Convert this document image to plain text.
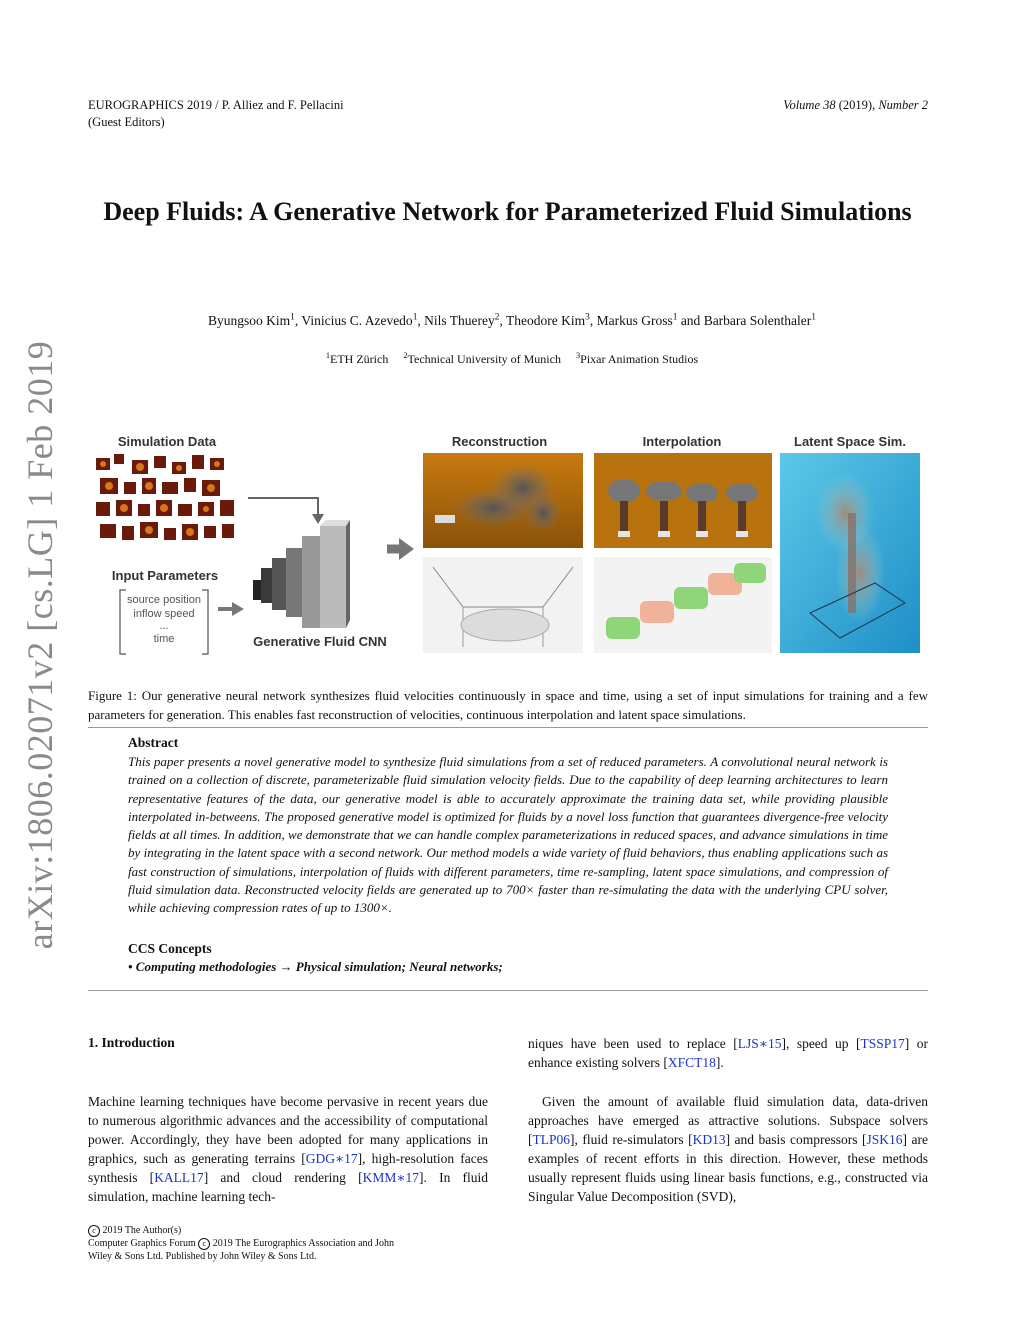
EUROGRAPHICS 2019 / P. Alliez and F. Pellacini
(Guest Editors)
Volume 38 (2019), Number 2
arXiv:1806.02071v2 [cs.LG] 1 Feb 2019
Deep Fluids: A Generative Network for Parameterized Fluid Simulations
Byungsoo Kim$^1$, Vinicius C. Azevedo$^1$, Nils Thuerey$^2$, Theodore Kim$^3$, Markus Gross$^1$ and Barbara Solenthaler$^1$
$^1$ETH Zürich $^2$Technical University of Munich $^3$Pixar Animation Studios
Simulation Data	Reconstruction	Interpolation	Latent Space Sim.
Input Parameters
source position
inflow speed
...
time	Generative Fluid CNN
Figure 1: Our generative neural network synthesizes fluid velocities continuously in space and time, using a set of input simulations for training and a few parameters for generation. This enables fast reconstruction of velocities, continuous interpolation and latent space simulations.
Abstract
This paper presents a novel generative model to synthesize fluid simulations from a set of reduced parameters. A convolutional neural network is trained on a collection of discrete, parameterizable fluid simulation velocity fields. Due to the capability of deep learning architectures to learn representative features of the data, our generative model is able to accurately approximate the training data set, while providing plausible interpolated in-betweens. The proposed generative model is optimized for fluids by a novel loss function that guarantees divergence-free velocity fields at all times. In addition, we demonstrate that we can handle complex parameterizations in reduced spaces, and advance simulations in time by integrating in the latent space with a second network. Our method models a wide variety of fluid behaviors, thus enabling applications such as fast construction of simulations, interpolation of fluids with different parameters, time re-sampling, latent space simulations, and compression of fluid simulation data. Reconstructed velocity fields are generated up to 700× faster than re-simulating the data with the underlying CPU solver, while achieving compression rates of up to 1300×.
CCS Concepts
• Computing methodologies → Physical simulation; Neural networks;
1. Introduction
Machine learning techniques have become pervasive in recent years due to numerous algorithmic advances and the accessibility of computational power. Accordingly, they have been adopted for many applications in graphics, such as generating terrains [GDG∗17], high-resolution faces synthesis [KALL17] and cloud rendering [KMM∗17]. In fluid simulation, machine learning tech-
niques have been used to replace [LJS∗15], speed up [TSSP17] or enhance existing solvers [XFCT18].
Given the amount of available fluid simulation data, data-driven approaches have emerged as attractive solutions. Subspace solvers [TLP06], fluid re-simulators [KD13] and basis compressors [JSK16] are examples of recent efforts in this direction. However, these methods usually represent fluids using linear basis functions, e.g., constructed via Singular Value Decomposition (SVD),
c 2019 The Author(s)
Computer Graphics Forum c 2019 The Eurographics Association and John Wiley & Sons Ltd. Published by John Wiley & Sons Ltd.
